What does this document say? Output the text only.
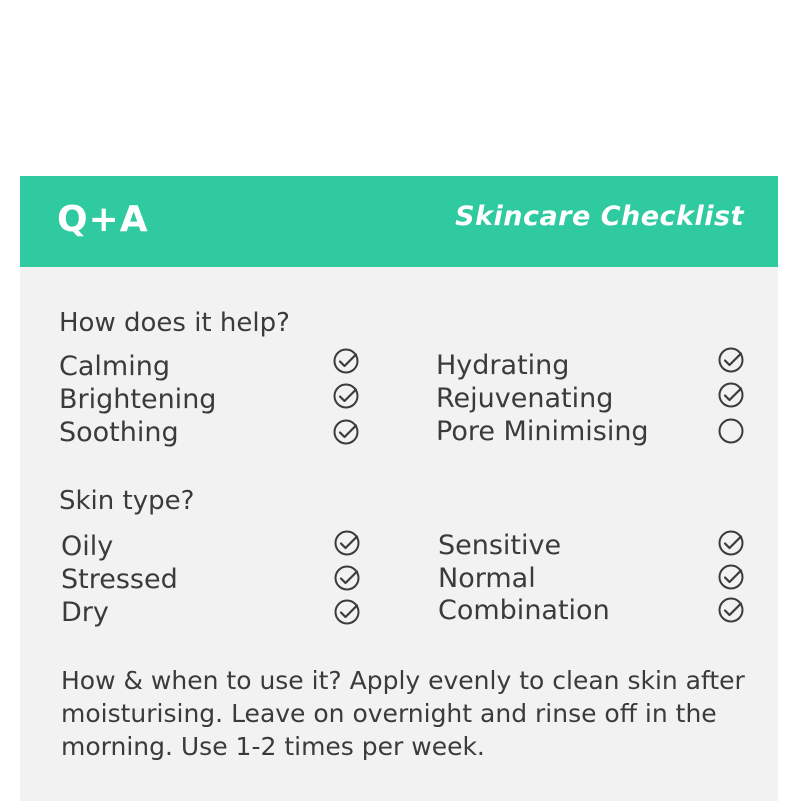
Q+A	Skincare Checklist
How does it help?
Calming
Brightening
Soothing
Hydrating
Rejuvenating
Pore Minimising
Skin type?
Oily
Stressed
Dry
Sensitive
Normal
Combination
How & when to use it? Apply evenly to clean skin after moisturising. Leave on overnight and rinse off in the morning. Use 1-2 times per week.
